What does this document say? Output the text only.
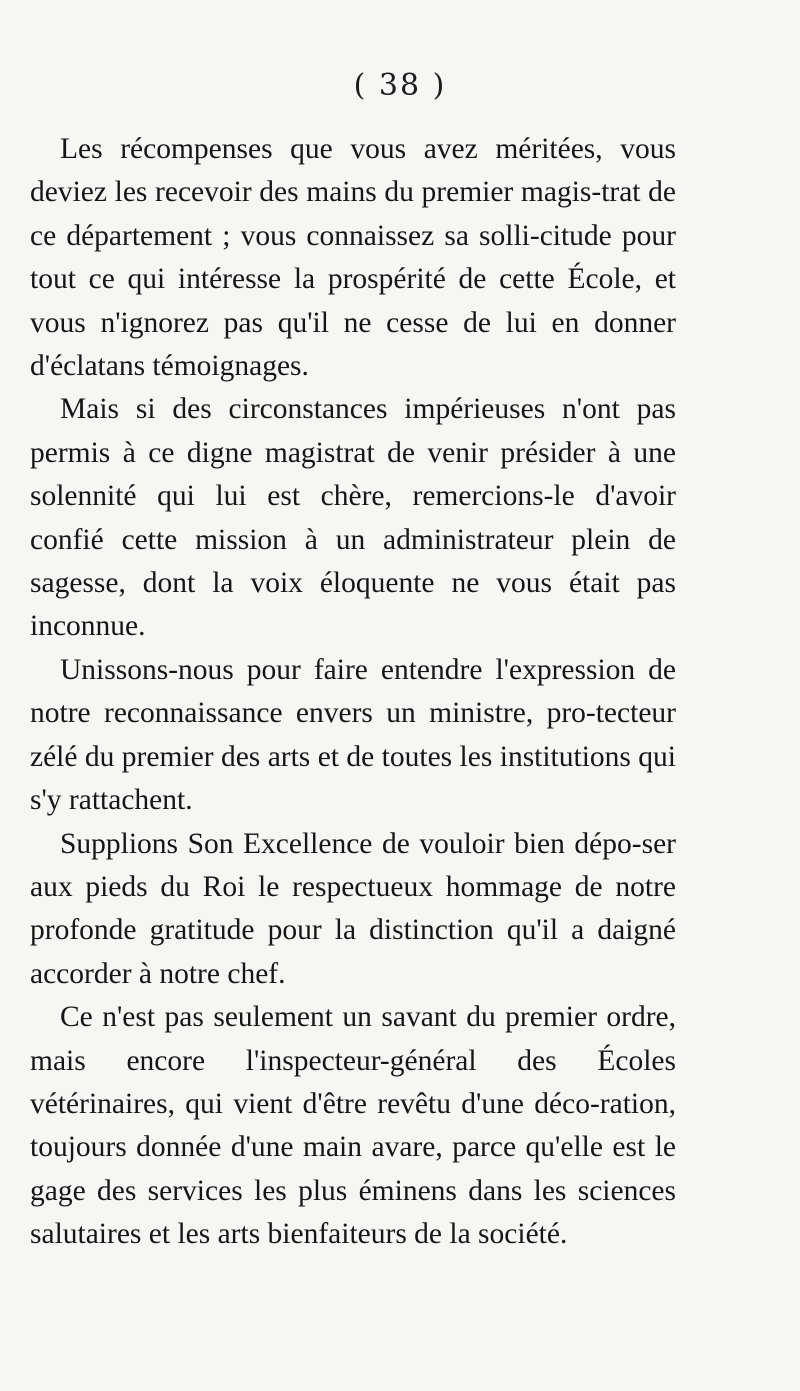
( 38 )

Les récompenses que vous avez méritées, vous deviez les recevoir des mains du premier magis-trat de ce département ; vous connaissez sa solli-citude pour tout ce qui intéresse la prospérité de cette École, et vous n'ignorez pas qu'il ne cesse de lui en donner d'éclatans témoignages.

Mais si des circonstances impérieuses n'ont pas permis à ce digne magistrat de venir présider à une solennité qui lui est chère, remercions-le d'avoir confié cette mission à un administrateur plein de sagesse, dont la voix éloquente ne vous était pas inconnue.

Unissons-nous pour faire entendre l'expression de notre reconnaissance envers un ministre, pro-tecteur zélé du premier des arts et de toutes les institutions qui s'y rattachent.

Supplions Son Excellence de vouloir bien dépo-ser aux pieds du Roi le respectueux hommage de notre profonde gratitude pour la distinction qu'il a daigné accorder à notre chef.

Ce n'est pas seulement un savant du premier ordre, mais encore l'inspecteur-général des Écoles vétérinaires, qui vient d'être revêtu d'une déco-ration, toujours donnée d'une main avare, parce qu'elle est le gage des services les plus éminens dans les sciences salutaires et les arts bienfaiteurs de la société.
